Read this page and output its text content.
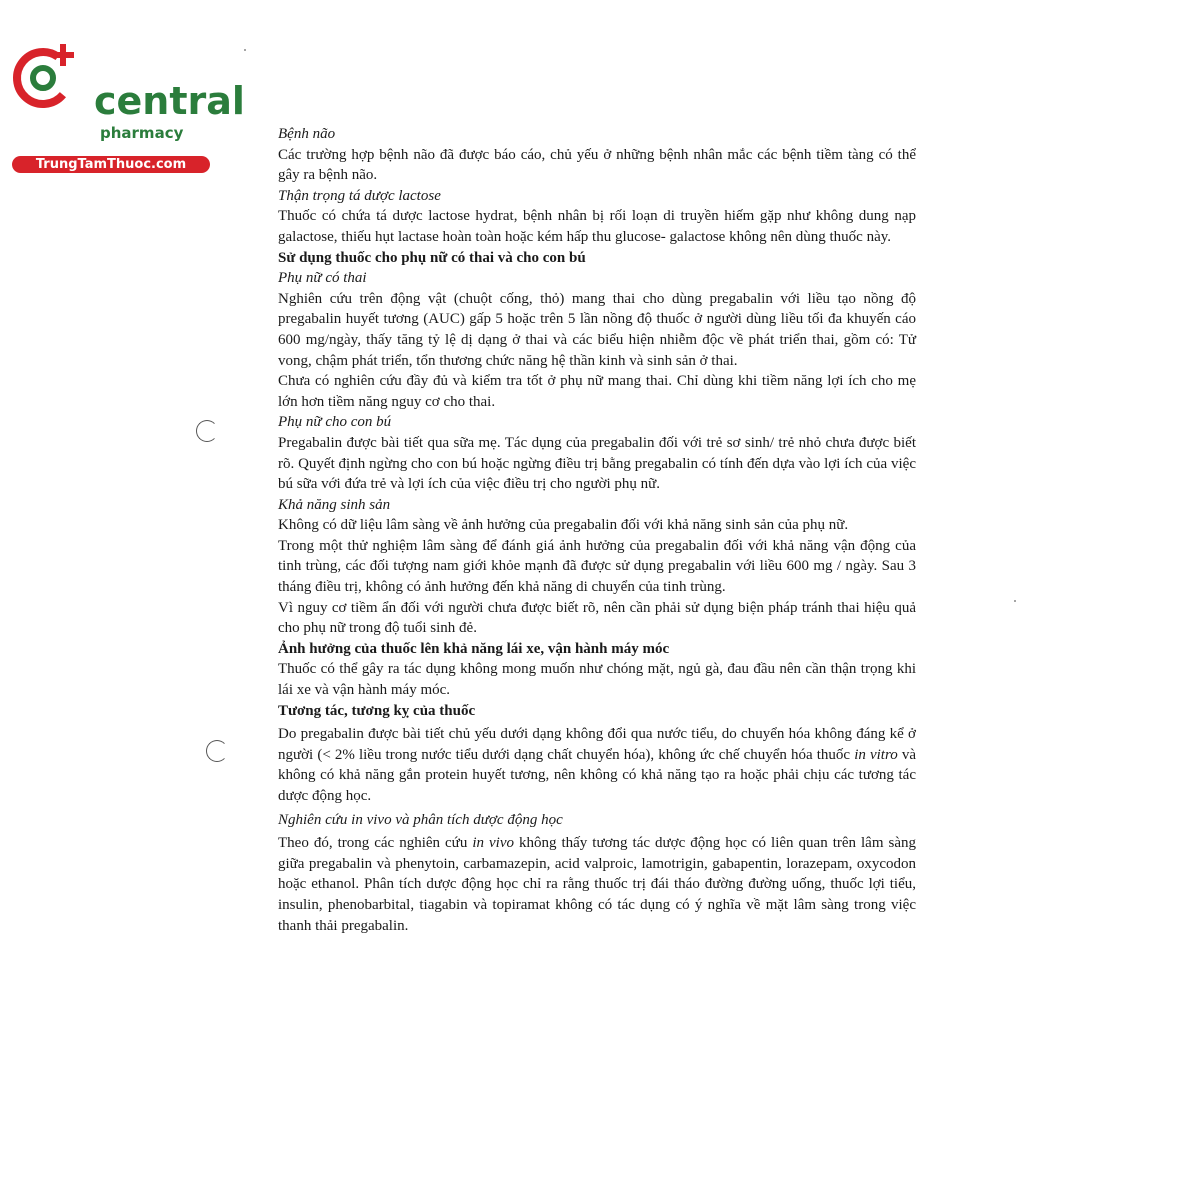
central
pharmacy
TrungTamThuoc.com

Bệnh não

Các trường hợp bệnh não đã được báo cáo, chủ yếu ở những bệnh nhân mắc các bệnh tiềm tàng có thể gây ra bệnh não.

Thận trọng tá dược lactose

Thuốc có chứa tá dược lactose hydrat, bệnh nhân bị rối loạn di truyền hiếm gặp như không dung nạp galactose, thiếu hụt lactase hoàn toàn hoặc kém hấp thu glucose- galactose không nên dùng thuốc này.

Sử dụng thuốc cho phụ nữ có thai và cho con bú

Phụ nữ có thai

Nghiên cứu trên động vật (chuột cống, thỏ) mang thai cho dùng pregabalin với liều tạo nồng độ pregabalin huyết tương (AUC) gấp 5 hoặc trên 5 lần nồng độ thuốc ở người dùng liều tối đa khuyến cáo 600 mg/ngày, thấy tăng tỷ lệ dị dạng ở thai và các biểu hiện nhiễm độc về phát triển thai, gồm có: Tử vong, chậm phát triển, tổn thương chức năng hệ thần kinh và sinh sản ở thai.

Chưa có nghiên cứu đầy đủ và kiểm tra tốt ở phụ nữ mang thai. Chỉ dùng khi tiềm năng lợi ích cho mẹ lớn hơn tiềm năng nguy cơ cho thai.

Phụ nữ cho con bú

Pregabalin được bài tiết qua sữa mẹ. Tác dụng của pregabalin đối với trẻ sơ sinh/ trẻ nhỏ chưa được biết rõ. Quyết định ngừng cho con bú hoặc ngừng điều trị bằng pregabalin có tính đến dựa vào lợi ích của việc bú sữa với đứa trẻ và lợi ích của việc điều trị cho người phụ nữ.

Khả năng sinh sản

Không có dữ liệu lâm sàng về ảnh hưởng của pregabalin đối với khả năng sinh sản của phụ nữ.

Trong một thử nghiệm lâm sàng để đánh giá ảnh hưởng của pregabalin đối với khả năng vận động của tinh trùng, các đối tượng nam giới khỏe mạnh đã được sử dụng pregabalin với liều 600 mg / ngày. Sau 3 tháng điều trị, không có ảnh hưởng đến khả năng di chuyển của tinh trùng.

Vì nguy cơ tiềm ẩn đối với người chưa được biết rõ, nên cần phải sử dụng biện pháp tránh thai hiệu quả cho phụ nữ trong độ tuổi sinh đẻ.

Ảnh hưởng của thuốc lên khả năng lái xe, vận hành máy móc

Thuốc có thể gây ra tác dụng không mong muốn như chóng mặt, ngủ gà, đau đầu nên cần thận trọng khi lái xe và vận hành máy móc.

Tương tác, tương kỵ của thuốc

Do pregabalin được bài tiết chủ yếu dưới dạng không đổi qua nước tiểu, do chuyển hóa không đáng kể ở người (< 2% liều trong nước tiểu dưới dạng chất chuyển hóa), không ức chế chuyển hóa thuốc in vitro và không có khả năng gắn protein huyết tương, nên không có khả năng tạo ra hoặc phải chịu các tương tác dược động học.

Nghiên cứu in vivo và phân tích dược động học

Theo đó, trong các nghiên cứu in vivo không thấy tương tác dược động học có liên quan trên lâm sàng giữa pregabalin và phenytoin, carbamazepin, acid valproic, lamotrigin, gabapentin, lorazepam, oxycodon hoặc ethanol. Phân tích dược động học chỉ ra rằng thuốc trị đái tháo đường đường uống, thuốc lợi tiểu, insulin, phenobarbital, tiagabin và topiramat không có tác dụng có ý nghĩa về mặt lâm sàng trong việc thanh thải pregabalin.
